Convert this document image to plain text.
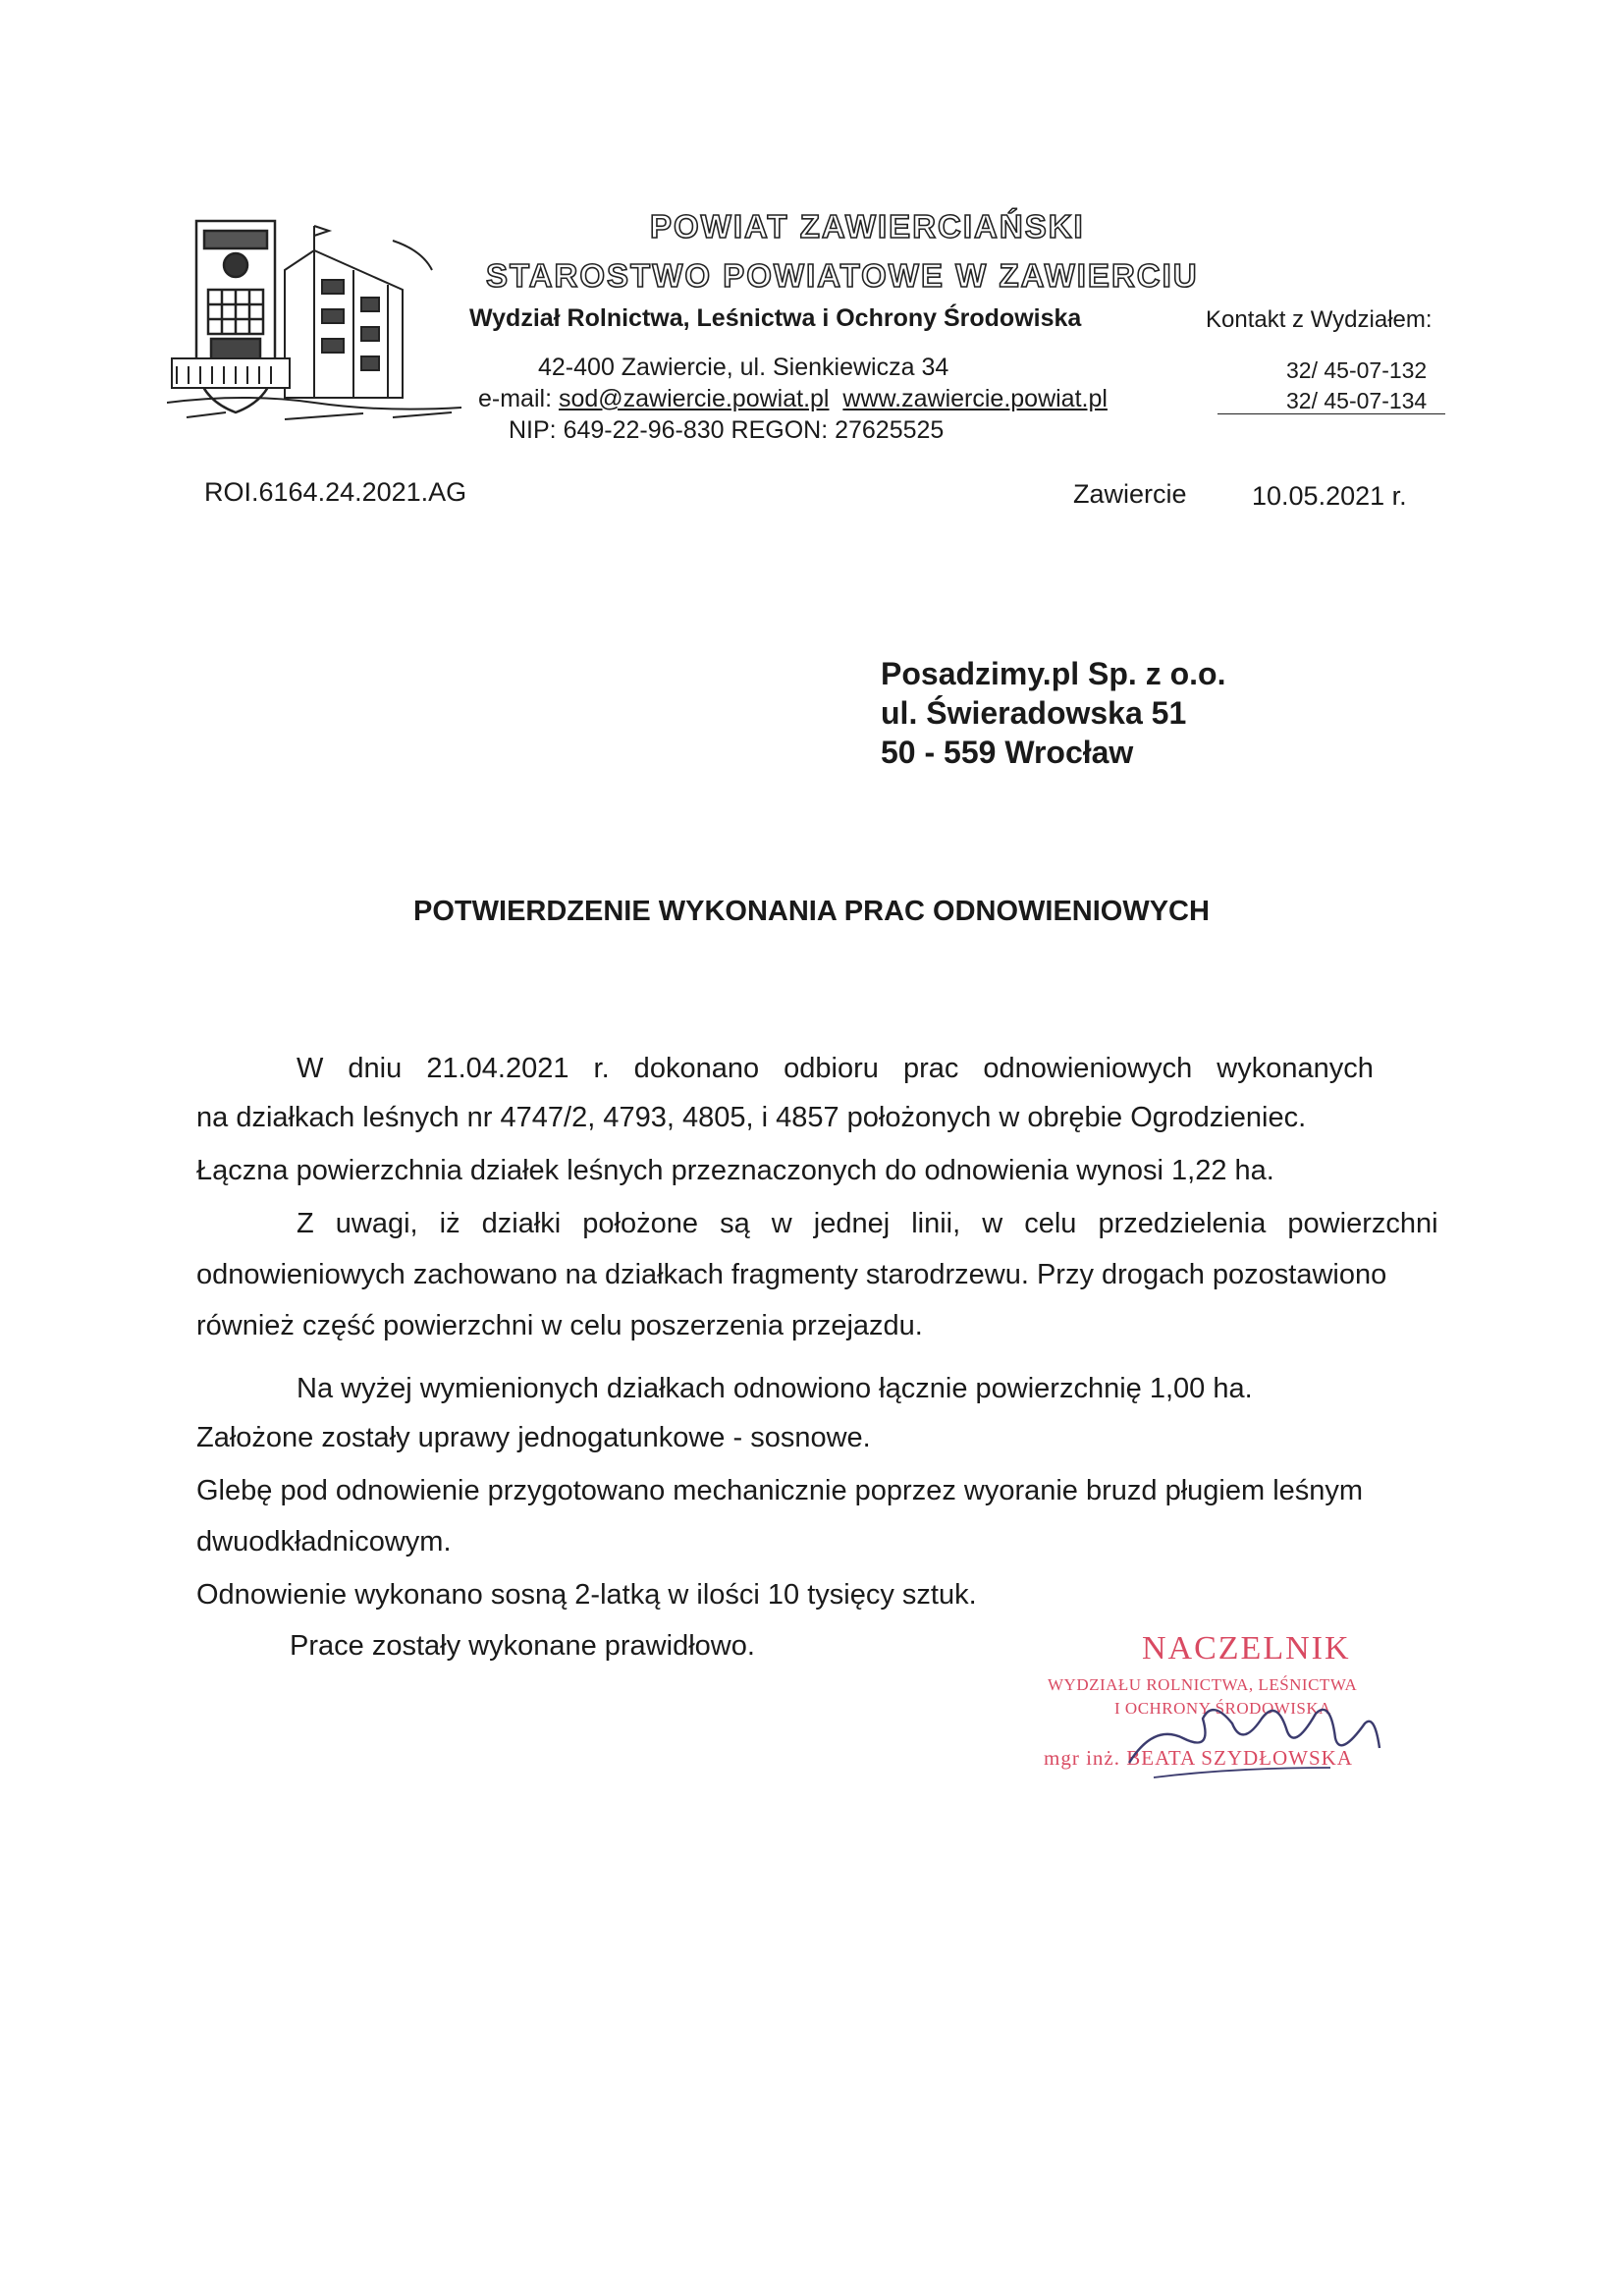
POWIAT ZAWIERCIAŃSKI
STAROSTWO POWIATOWE W ZAWIERCIU
Wydział Rolnictwa, Leśnictwa i Ochrony Środowiska	Kontakt z Wydziałem:
42-400 Zawiercie, ul. Sienkiewicza 34	32/ 45-07-132
e-mail: sod@zawiercie.powiat.pl www.zawiercie.powiat.pl	32/ 45-07-134
NIP: 649-22-96-830 REGON: 27625525
ROI.6164.24.2021.AG	Zawiercie 10.05.2021 r.
Posadzimy.pl Sp. z o.o.
ul. Świeradowska 51
50 - 559 Wrocław
POTWIERDZENIE WYKONANIA PRAC ODNOWIENIOWYCH
W dniu 21.04.2021 r. dokonano odbioru prac odnowieniowych wykonanych
na działkach leśnych nr 4747/2, 4793, 4805, i 4857 położonych w obrębie Ogrodzieniec.
Łączna powierzchnia działek leśnych przeznaczonych do odnowienia wynosi 1,22 ha.
Z uwagi, iż działki położone są w jednej linii, w celu przedzielenia powierzchni
odnowieniowych zachowano na działkach fragmenty starodrzewu. Przy drogach pozostawiono
również część powierzchni w celu poszerzenia przejazdu.
Na wyżej wymienionych działkach odnowiono łącznie powierzchnię 1,00 ha.
Założone zostały uprawy jednogatunkowe - sosnowe.
Glebę pod odnowienie przygotowano mechanicznie poprzez wyoranie bruzd pługiem leśnym
dwuodkładnicowym.
Odnowienie wykonano sosną 2-latką w ilości 10 tysięcy sztuk.
Prace zostały wykonane prawidłowo.	NACZELNIK
WYDZIAŁU ROLNICTWA, LEŚNICTWA
I OCHRONY ŚRODOWISKA
mgr inż. BEATA SZYDŁOWSKA
